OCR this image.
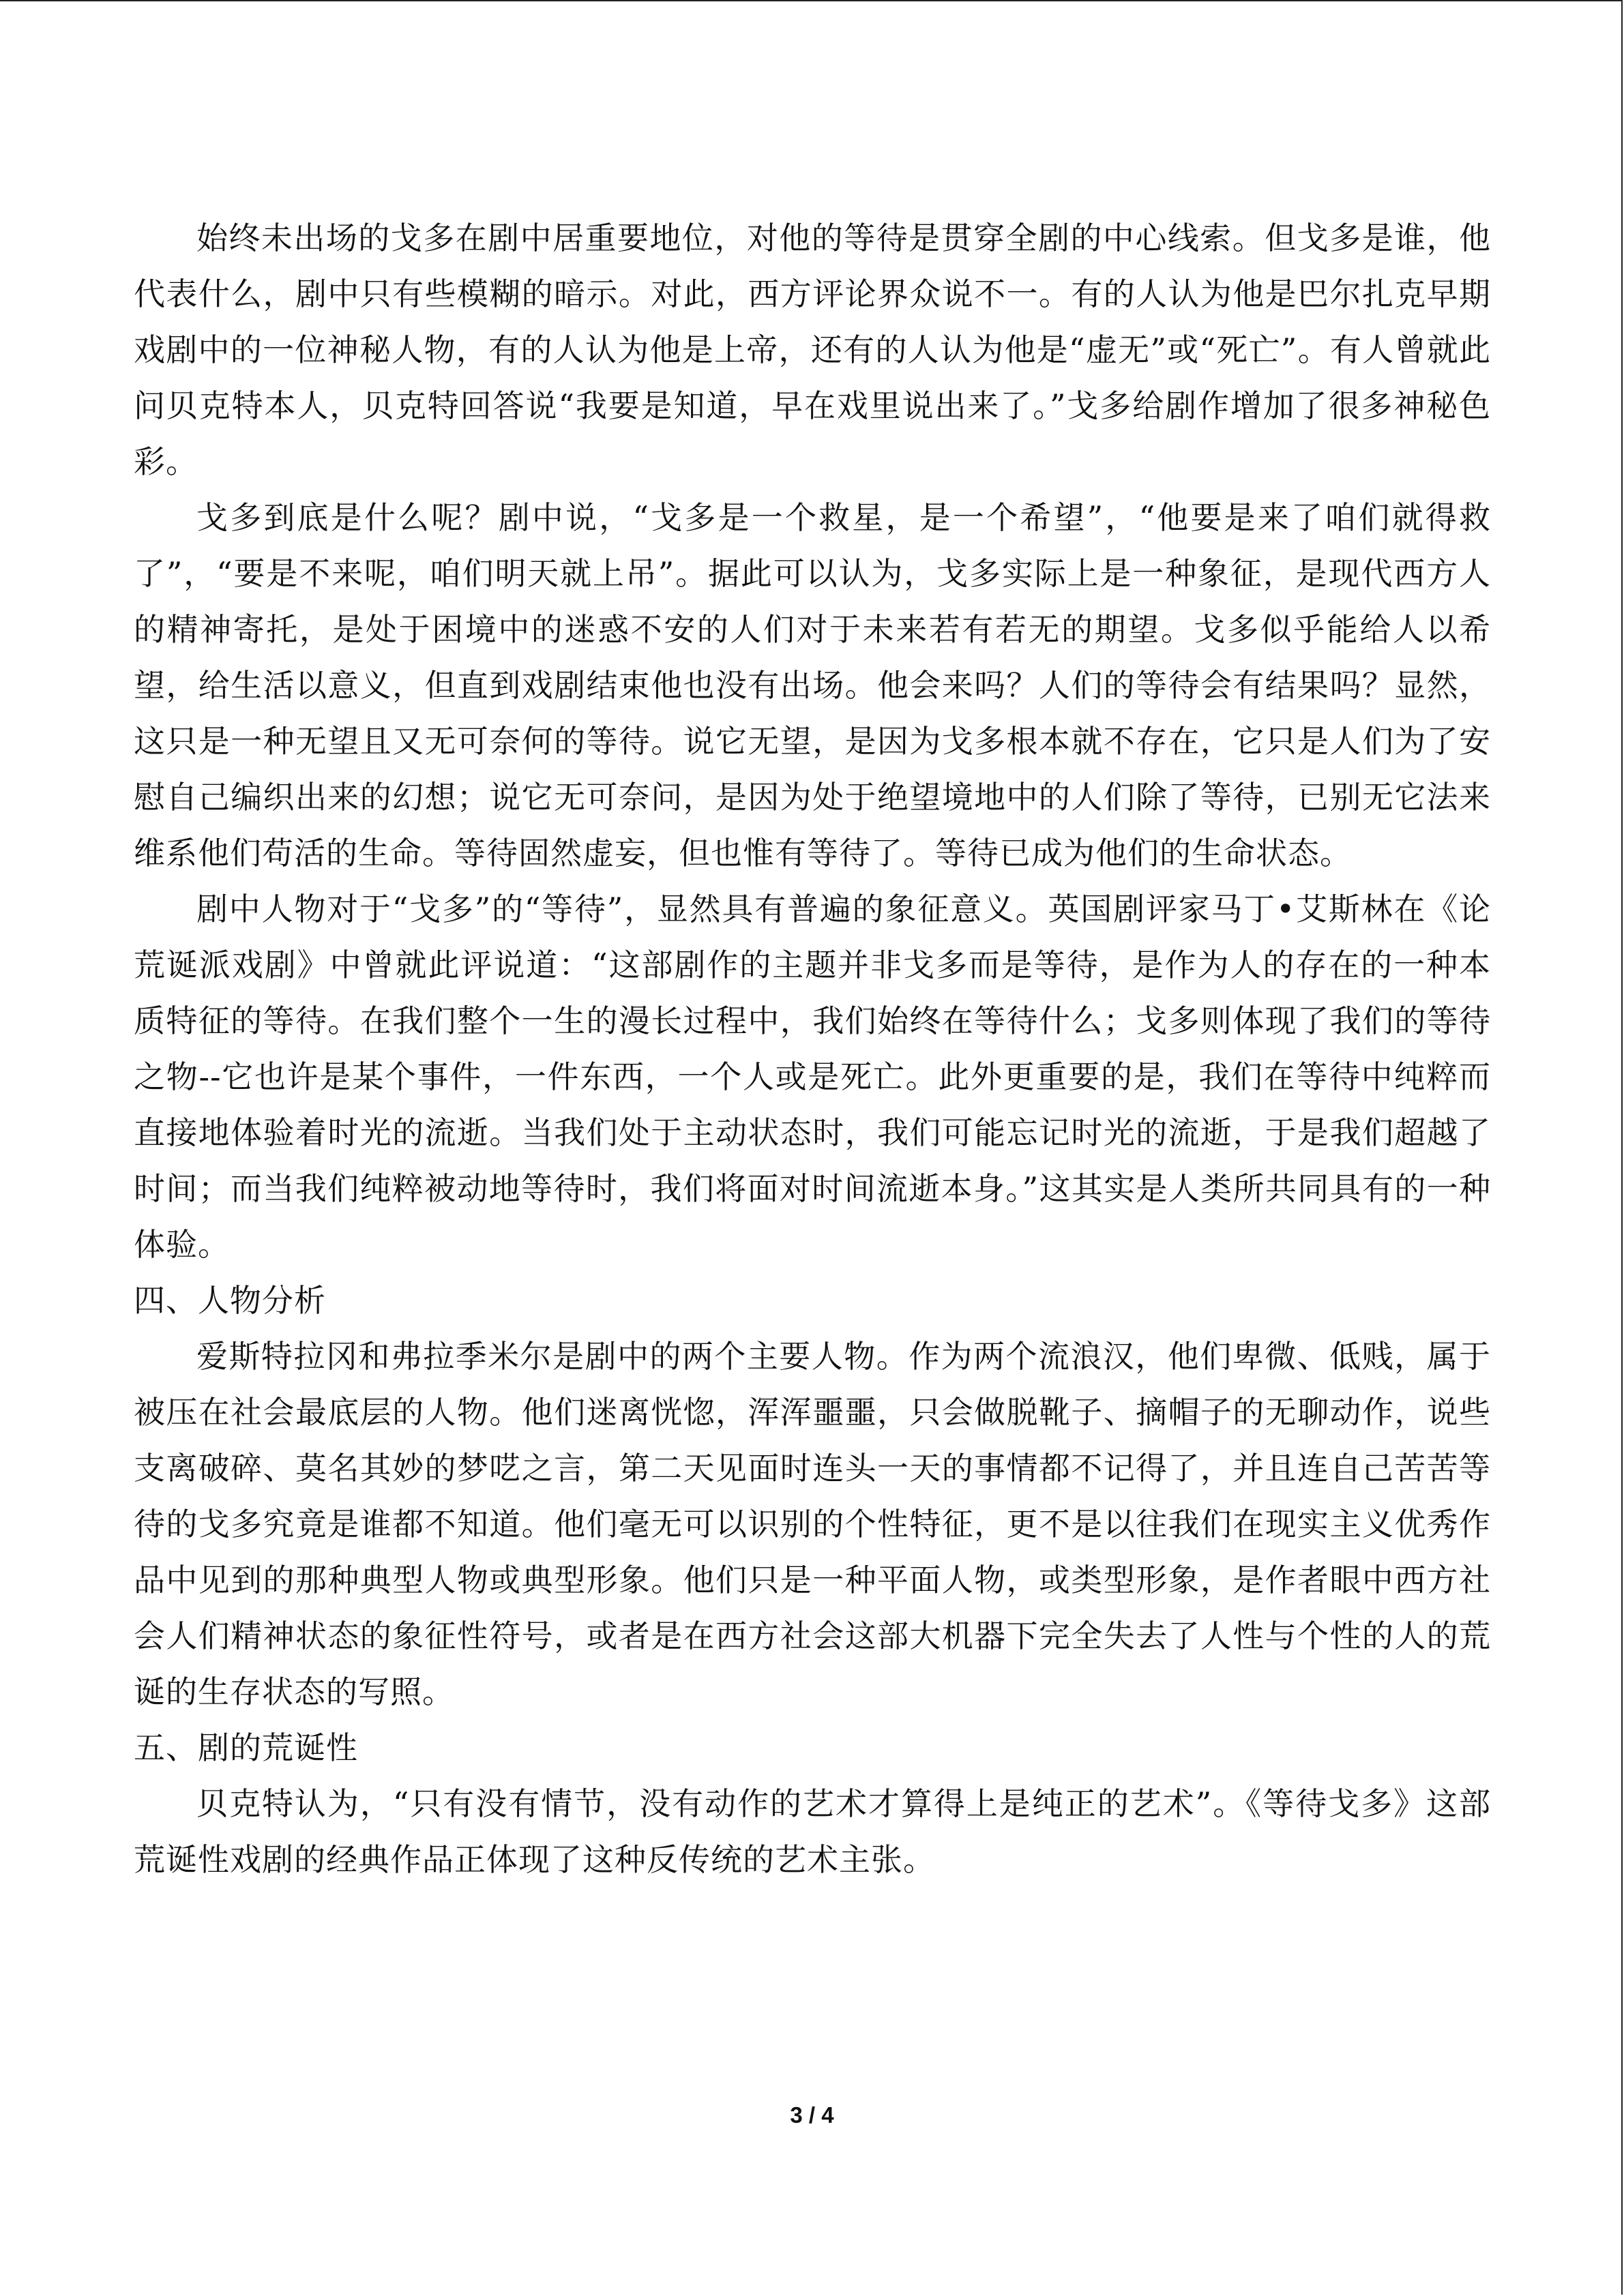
始终未出场的戈多在剧中居重要地位，对他的等待是贯穿全剧的中心线索。但戈多是谁，他代表什么，剧中只有些模糊的暗示。对此，西方评论界众说不一。有的人认为他是巴尔扎克早期戏剧中的一位神秘人物，有的人认为他是上帝，还有的人认为他是“虚无”或“死亡”。有人曾就此问贝克特本人，贝克特回答说“我要是知道，早在戏里说出来了。”戈多给剧作增加了很多神秘色彩。

戈多到底是什么呢？剧中说，“戈多是一个救星，是一个希望”，“他要是来了咱们就得救了”，“要是不来呢，咱们明天就上吊”。据此可以认为，戈多实际上是一种象征，是现代西方人的精神寄托，是处于困境中的迷惑不安的人们对于未来若有若无的期望。戈多似乎能给人以希望，给生活以意义，但直到戏剧结束他也没有出场。他会来吗？人们的等待会有结果吗？显然，这只是一种无望且又无可奈何的等待。说它无望，是因为戈多根本就不存在，它只是人们为了安慰自己编织出来的幻想；说它无可奈问，是因为处于绝望境地中的人们除了等待，已别无它法来维系他们苟活的生命。等待固然虚妄，但也惟有等待了。等待已成为他们的生命状态。

剧中人物对于“戈多”的“等待”，显然具有普遍的象征意义。英国剧评家马丁•艾斯林在《论荒诞派戏剧》中曾就此评说道：“这部剧作的主题并非戈多而是等待，是作为人的存在的一种本质特征的等待。在我们整个一生的漫长过程中，我们始终在等待什么；戈多则体现了我们的等待之物--它也许是某个事件，一件东西，一个人或是死亡。此外更重要的是，我们在等待中纯粹而直接地体验着时光的流逝。当我们处于主动状态时，我们可能忘记时光的流逝，于是我们超越了时间；而当我们纯粹被动地等待时，我们将面对时间流逝本身。”这其实是人类所共同具有的一种体验。

四、人物分析

爱斯特拉冈和弗拉季米尔是剧中的两个主要人物。作为两个流浪汉，他们卑微、低贱，属于被压在社会最底层的人物。他们迷离恍惚，浑浑噩噩，只会做脱靴子、摘帽子的无聊动作，说些支离破碎、莫名其妙的梦呓之言，第二天见面时连头一天的事情都不记得了，并且连自己苦苦等待的戈多究竟是谁都不知道。他们毫无可以识别的个性特征，更不是以往我们在现实主义优秀作品中见到的那种典型人物或典型形象。他们只是一种平面人物，或类型形象，是作者眼中西方社会人们精神状态的象征性符号，或者是在西方社会这部大机器下完全失去了人性与个性的人的荒诞的生存状态的写照。

五、剧的荒诞性

贝克特认为，“只有没有情节，没有动作的艺术才算得上是纯正的艺术”。《等待戈多》这部荒诞性戏剧的经典作品正体现了这种反传统的艺术主张。

3 / 4
